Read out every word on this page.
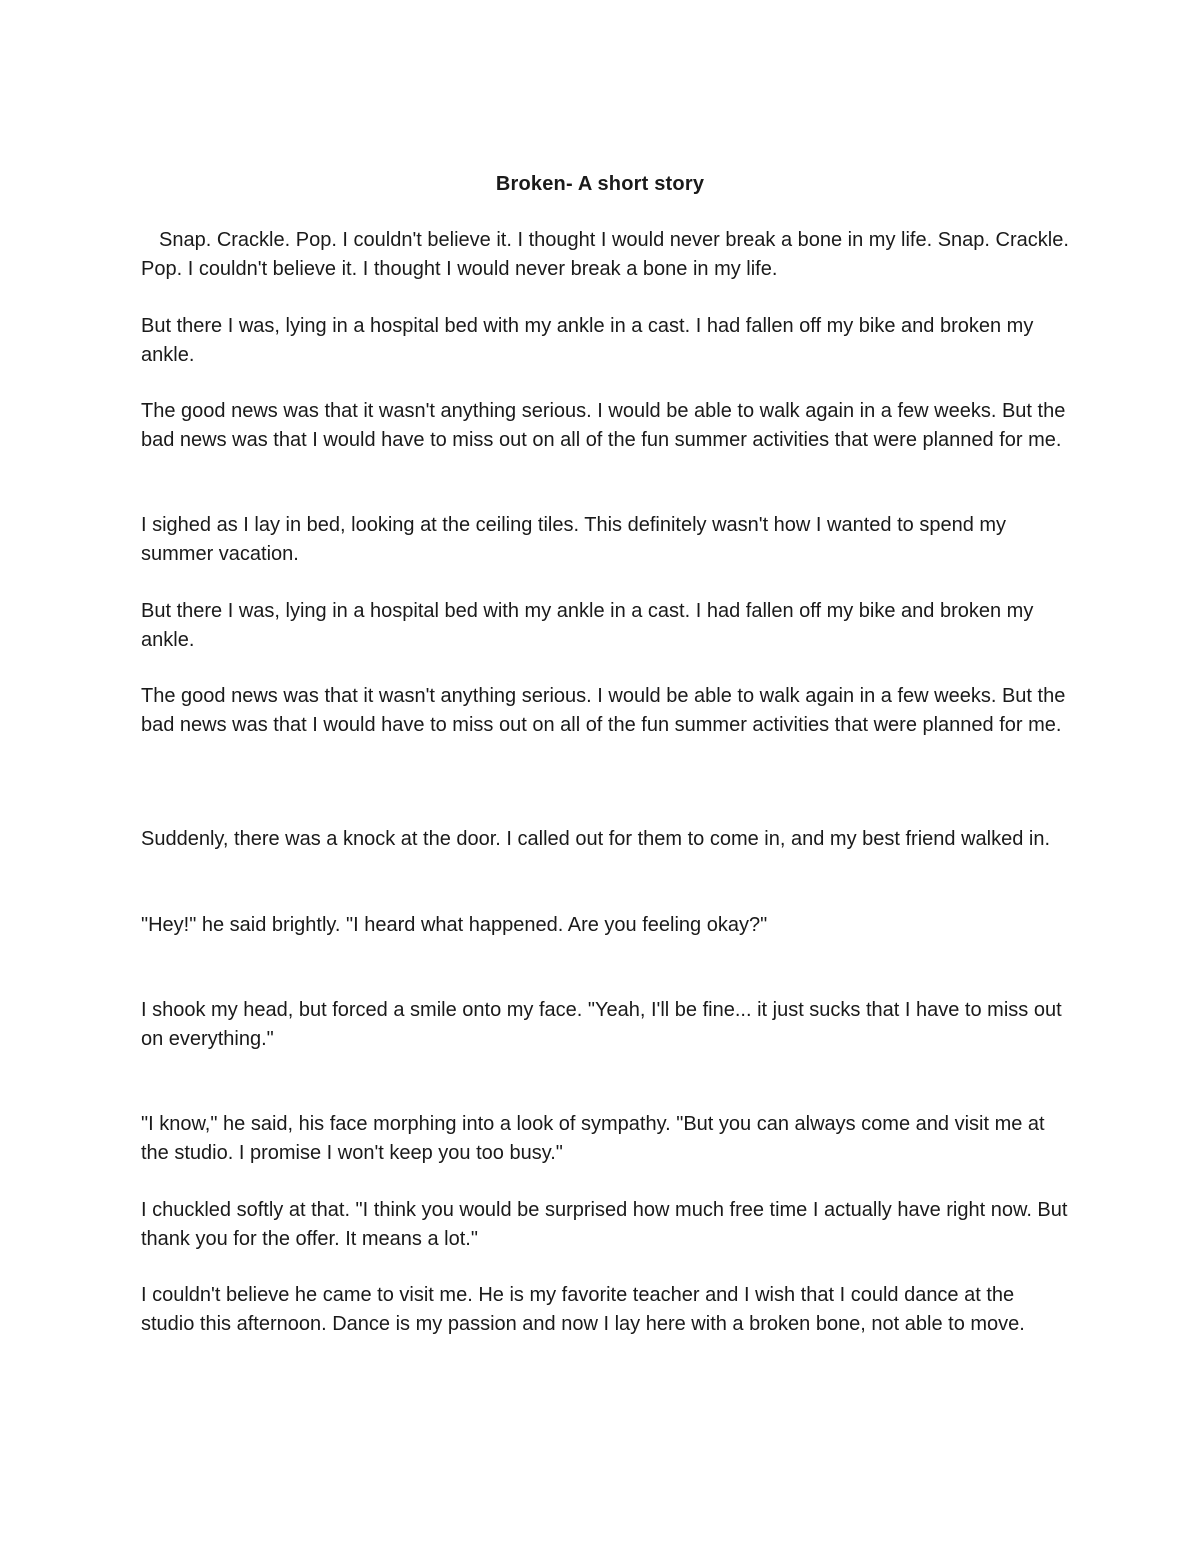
Broken- A short story

Snap. Crackle. Pop. I couldn't believe it. I thought I would never break a bone in my life. Snap. Crackle. Pop. I couldn't believe it. I thought I would never break a bone in my life.

But there I was, lying in a hospital bed with my ankle in a cast. I had fallen off my bike and broken my ankle.

The good news was that it wasn't anything serious. I would be able to walk again in a few weeks. But the bad news was that I would have to miss out on all of the fun summer activities that were planned for me.

I sighed as I lay in bed, looking at the ceiling tiles. This definitely wasn't how I wanted to spend my summer vacation.

But there I was, lying in a hospital bed with my ankle in a cast. I had fallen off my bike and broken my ankle.

The good news was that it wasn't anything serious. I would be able to walk again in a few weeks. But the bad news was that I would have to miss out on all of the fun summer activities that were planned for me.

Suddenly, there was a knock at the door. I called out for them to come in, and my best friend walked in.

"Hey!" he said brightly. "I heard what happened. Are you feeling okay?"

I shook my head, but forced a smile onto my face. "Yeah, I'll be fine... it just sucks that I have to miss out on everything."

"I know," he said, his face morphing into a look of sympathy. "But you can always come and visit me at the studio. I promise I won't keep you too busy."

I chuckled softly at that. "I think you would be surprised how much free time I actually have right now. But thank you for the offer. It means a lot."

I couldn't believe he came to visit me. He is my favorite teacher and I wish that I could dance at the studio this afternoon. Dance is my passion and now I lay here with a broken bone, not able to move.
